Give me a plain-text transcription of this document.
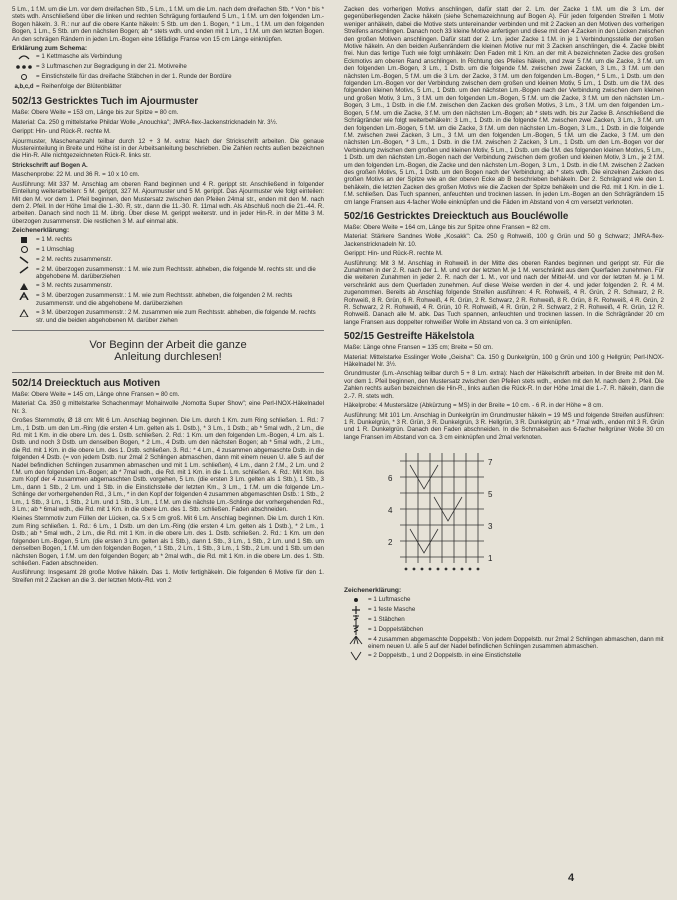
5 Lm., 1 f.M. um die Lm. vor dem dreifachen Stb., 5 Lm., 1 f.M. um die Lm. nach dem dreifachen Stb. * Von * bis * stets wdh. Anschließend über die linken und rechten Schrägung fortlaufend 5 Lm., 1 f.M. um den folgenden Lm.-Bogen häkeln. 3. R.: nur auf die obere Kante häkeln: 5 Stb. um den 1. Bogen, * 1 Lm., 1 f.M. um den folgenden Bogen, 1 Lm., 5 Stb. um den nächsten Bogen; ab * stets wdh. und enden mit 1 Lm., 1 f.M. um den letzten Bogen. An den schrägen Rändern in jeden Lm.-Bogen eine 16fädige Franse von 15 cm Länge einknüpfen.

Erklärung zum Schema:
= 1 Kettmasche als Verbindung
= 3 Luftmaschen zur Begradigung in der 21. Motivreihe
= Einstichstelle für das dreifache Stäbchen in der 1. Runde der Bordüre
a,b,c,d = Reihenfolge der Blütenblätter
502/13 Gestricktes Tuch im Ajourmuster

Maße: Obere Weite = 153 cm, Länge bis zur Spitze = 80 cm.

Material: Ca. 250 g mittelstarke Phildar Wolle „Anouchka"; JMRA-flex-Jackenstricknadeln Nr. 3½.

Gerippt: Hin- und Rück-R. rechte M.

Ajourmuster, Maschenanzahl teilbar durch 12 + 3 M. extra: Nach der Strickschrift arbeiten. Die genaue Mustereinteilung in Breite und Höhe ist in der Arbeitsanleitung beschrieben. Die Zahlen rechts außen bezeichnen die Hin-R. Alle nichtgezeichneten Rück-R. links str.

Strickschrift auf Bogen A.

Maschenprobe: 22 M. und 36 R. = 10 x 10 cm.

Ausführung: Mit 337 M. Anschlag am oberen Rand beginnen und 4 R. gerippt str. Anschließend in folgender Einteilung weiterarbeiten: 5 M. gerippt, 327 M. Ajourmuster und 5 M. gerippt. Das Ajourmuster wie folgt einteilen: Mit den M. vor dem 1. Pfeil beginnen, den Mustersatz zwischen den Pfeilen 24mal str., enden mit den M. nach dem 2. Pfeil. In der Höhe 1mal die 1.-30. R. str., dann die 11.-30. R. 11mal wdh. Als Abschluß noch die 21.-44. R. arbeiten. Danach sind noch 11 M. übrig. Über diese M. gerippt weiterstr. und in jeder Hin-R. in der Mitte 3 M. überzogen zusammenstr. Die restlichen 3 M. auf einmal abk.

Zeichenerklärung:
= 1 M. rechts
= 1 Umschlag
= 2 M. rechts zusammenstr.
= 2 M. überzogen zusammenstr.: 1 M. wie zum Rechtsstr. abheben, die folgende M. rechts str. und die abgehobene M. darüberziehen
= 3 M. rechts zusammenstr.
= 3 M. überzogen zusammenstr.: 1 M. wie zum Rechtsstr. abheben, die folgenden 2 M. rechts zusammenstr. und die abgehobene M. darüberziehen
= 3 M. überzogen zusammenstr.: 2 M. zusammen wie zum Rechtsstr. abheben, die folgende M. rechts str. und die beiden abgehobenen M. darüber ziehen
Vor Beginn der Arbeit die ganze
Anleitung durchlesen!
502/14 Dreiecktuch aus Motiven

Maße: Obere Weite = 145 cm, Länge ohne Fransen = 80 cm.

Material: Ca. 350 g mittelstarke Schachenmayr Mohairwolle „Nomotta Super Show"; eine Perl-INOX-Häkelnadel Nr. 3.

Großes Sternmotiv, Ø 18 cm: Mit 6 Lm. Anschlag beginnen. Die Lm. durch 1 Km. zum Ring schließen. 1. Rd.: 7 Lm., 1 Dstb. um den Lm.-Ring (die ersten 4 Lm. gelten als 1. Dstb.), * 3 Lm., 1 Dstb.; ab * 5mal wdh., 2 Lm., die Rd. mit 1 Km. in die obere Lm. des 1. Dstb. schließen. 2. Rd.: 1 Km. um den folgenden Lm.-Bogen, 4 Lm. als 1. Dstb. und noch 3 Dstb. um denselben Bogen, * 2 Lm., 4 Dstb. um den nächsten Bogen; ab * 5mal wdh., 2 Lm., die Rd. mit 1 Km. in die obere Lm. des 1. Dstb. schließen. 3. Rd.: * 4 Lm., 4 zusammen abgemaschte Dstb. in die folgenden 4 Dstb. (= von jedem Dstb. nur 2mal 2 Schlingen abmaschen, dann mit einem neuen U. alle 5 auf der Nadel befindlichen Schlingen zusammen abmaschen und mit 1 Lm. schließen), 4 Lm., dann 2 f.M., 2 Lm. und 2 f.M. um den folgenden Lm.-Bogen; ab * 7mal wdh., die Rd. mit 1 Km. in die 1. Lm. schließen. 4. Rd.: Mit Km. bis zum Kopf der 4 zusammen abgemaschten Dstb. vorgehen, 5 Lm. (die ersten 3 Lm. gelten als 1 Stb.), 1 Stb., 3 Lm., dann 1 Stb., 2 Lm. und 1 Stb. in die Einstichstelle der letzten Km., 3 Lm., 1 f.M. um die folgende Lm.-Schlinge der vorhergehenden Rd., 3 Lm., * in den Kopf der folgenden 4 zusammen abgemaschten Dstb.: 1 Stb., 2 Lm., 1 Stb., 3 Lm., 1 Stb., 2 Lm. und 1 Stb., 3 Lm., 1 f.M. um die nächste Lm.-Schlinge der vorhergehenden Rd., 3 Lm.; ab * 6mal wdh., die Rd. mit 1 Km. in die obere Lm. des 1. Stb. schließen. Faden abschneiden.

Kleines Sternmotiv zum Füllen der Lücken, ca. 5 x 5 cm groß. Mit 6 Lm. Anschlag beginnen. Die Lm. durch 1 Km. zum Ring schließen. 1. Rd.: 6 Lm., 1 Dstb. um den Lm.-Ring (die ersten 4 Lm. gelten als 1 Dstb.), * 2 Lm., 1 Dstb.; ab * 5mal wdh., 2 Lm., die Rd. mit 1 Km. in die obere Lm. des 1. Dstb. schließen. 2. Rd.: 1 Km. um den folgenden Lm.-Bogen, 5 Lm. (die ersten 3 Lm. gelten als 1 Stb.), dann 1 Stb., 3 Lm., 1 Stb., 2 Lm. und 1 Stb. um denselben Bogen, 1 f.M. um den folgenden Bogen, * 1 Stb., 2 Lm., 1 Stb., 3 Lm., 1 Stb., 2 Lm. und 1 Stb. um den nächsten Bogen, 1 f.M. um den folgenden Bogen; ab * 2mal wdh., die Rd. mit 1 Km. in die obere Lm. des 1. Stb. schließen. Faden abschneiden.

Ausführung: Insgesamt 28 große Motive häkeln. Das 1. Motiv fertighäkeln. Die folgenden 6 Motive für den 1. Streifen mit 2 Zacken an die 3. der letzten Motiv-Rd. von 2

Zacken des vorherigen Motivs anschlingen, dafür statt der 2. Lm. der Zacke 1 f.M. um die 3 Lm. der gegenüberliegenden Zacke häkeln (siehe Schemazeichnung auf Bogen A). Für jeden folgenden Streifen 1 Motiv weniger anhäkeln, dabei die Motive stets untereinander verbinden und mit 2 Zacken an den Motiven des vorherigen Streifens anschlingen. Danach noch 33 kleine Motive anfertigen und diese mit den 4 Zacken in den Lücken zwischen den großen Motiven anschlingen. Dafür statt der 2. Lm. jeder Zacke 1 f.M. in je 1 Verbindungsstelle der großen Motive häkeln. An den beiden Außenrändern die kleinen Motive nur mit 3 Zacken anschlingen, die 4. Zacke bleibt frei. Nun das fertige Tuch wie folgt umhäkeln: Den Faden mit 1 Km. an der mit A bezeichneten Zacke des großen Eckmotivs am oberen Rand anschlingen. In Richtung des Pfeiles häkeln, und zwar 5 f.M. um die Zacke, 3 f.M. um den folgenden Lm.-Bogen, 3 Lm., 1 Dstb. um die folgende f.M. zwischen zwei Zacken, 3 Lm., 3 f.M. um den nächsten Lm.-Bogen, 5 f.M. um die 3 Lm. der Zacke, 3 f.M. um den folgenden Lm.-Bogen, * 5 Lm., 1 Dstb. um den folgenden Lm.-Bogen vor der Verbindung zwischen dem großen und kleinen Motiv, 5 Lm., 1 Dstb. um die f.M. des folgenden kleinen Motivs, 5 Lm., 1 Dstb. um den nächsten Lm.-Bogen nach der Verbindung zwischen dem kleinen und großen Motiv, 3 Lm., 3 f.M. um den folgenden Lm.-Bogen, 5 f.M. um die Zacke, 3 f.M. um den nächsten Lm.-Bogen, 3 Lm., 1 Dstb. in die f.M. zwischen den Zacken des großen Motivs, 3 Lm., 3 f.M. um den folgenden Lm.-Bogen, 5 f.M. um die Zacke, 3 f.M. um den nächsten Lm.-Bogen; ab * stets wdh. bis zur Zacke B. Anschließend die Schrägränder wie folgt weiterbehäkeln: 3 Lm., 1 Dstb. in die folgende f.M. zwischen zwei Zacken, 3 Lm., 3 f.M. um den folgenden Lm.-Bogen, 5 f.M. um die Zacke, 3 f.M. um den nächsten Lm.-Bogen, 3 Lm., 1 Dstb. in die folgende f.M. zwischen zwei Zacken, 3 Lm., 3 f.M. um den folgenden Lm.-Bogen, 5 f.M. um die Zacke, 3 f.M. um den nächsten Lm.-Bogen, * 3 Lm., 1 Dstb. in die f.M. zwischen 2 Zacken, 3 Lm., 1 Dstb. um den Lm.-Bogen vor der Verbindung zwischen dem großen und kleinen Motiv, 5 Lm., 1 Dstb. um die f.M. des folgenden kleinen Motivs, 5 Lm., 1 Dstb. um den nächsten Lm.-Bogen nach der Verbindung zwischen dem großen und kleinen Motiv, 3 Lm., je 2 f.M. um den folgenden Lm.-Bogen, die Zacke und den nächsten Lm.-Bogen, 3 Lm., 1 Dstb. in die f.M. zwischen 2 Zacken des großen Motivs, 5 Lm., 1 Dstb. um den Bogen nach der Verbindung; ab * stets wdh. Die einzelnen Zacken des großen Motivs an der Spitze wie an der oberen Ecke ab B beschrieben behäkeln. Der 2. Schrägrand wie den 1. behäkeln, die letzten Zacken des großen Motivs wie die Zacken der Spitze behäkeln und die Rd. mit 1 Km. in die 1. f.M. schließen. Das Tuch spannen, anfeuchten und trocknen lassen. In jeden Lm.-Bogen an den Schrägrändern 15 cm lange Fransen aus 4-facher Wolle einknüpfen und die Fäden im Abstand von 4 cm versetzt verknoten.

502/16 Gestricktes Dreiecktuch aus Boucléwolle

Maße: Obere Weite = 164 cm, Länge bis zur Spitze ohne Fransen = 82 cm.

Material: Stärkere Sandnes Wolle „Kosakk": Ca. 250 g Rohweiß, 100 g Grün und 50 g Schwarz; JMRA-flex-Jackenstricknadeln Nr. 10.

Gerippt: Hin- und Rück-R. rechte M.

Ausführung: Mit 3 M. Anschlag in Rohweiß in der Mitte des oberen Randes beginnen und gerippt str. Für die Zunahmen in der 2. R. nach der 1. M. und vor der letzten M. je 1 M. verschränkt aus dem Querfaden zunehmen. Für die weiteren Zunahmen in jeder 2. R. nach der 1. M., vor und nach der Mittel-M. und vor der letzten M. je 1 M. verschränkt aus dem Querfaden zunehmen. Auf diese Weise werden in der 4. und jeder folgenden 2. R. 4 M. zugenommen. Bereits ab Anschlag folgende Streifen ausführen: 4 R. Rohweiß, 4 R. Grün, 2 R. Schwarz, 2 R. Rohweiß, 8 R. Grün, 6 R. Rohweiß, 4 R. Grün, 2 R. Schwarz, 2 R. Rohweiß, 8 R. Grün, 8 R. Rohweiß, 4 R. Grün, 2 R. Schwarz, 2 R. Rohweiß, 4 R. Grün, 10 R. Rohweiß, 4 R. Grün, 2 R. Schwarz, 2 R. Rohweiß, 4 R. Grün, 12 R. Rohweiß. Danach alle M. abk. Das Tuch spannen, anfeuchten und trocknen lassen. In die Schrägränder 20 cm lange Fransen aus doppelter rohweißer Wolle im Abstand von ca. 3 cm einknüpfen.

502/15 Gestreifte Häkelstola

Maße: Länge ohne Fransen = 135 cm; Breite = 50 cm.

Material: Mittelstarke Esslinger Wolle „Geisha": Ca. 150 g Dunkelgrün, 100 g Grün und 100 g Hellgrün; Perl-INOX-Häkelnadel Nr. 3½.

Grundmuster (Lm.-Anschlag teilbar durch 5 + 8 Lm. extra): Nach der Häkelschrift arbeiten. In der Breite mit den M. vor dem 1. Pfeil beginnen, den Mustersatz zwischen den Pfeilen stets wdh., enden mit den M. nach dem 2. Pfeil. Die Zahlen rechts außen bezeichnen die Hin-R., links außen die Rück-R. In der Höhe 1mal die 1.-7. R. häkeln, dann die 2.-7. R. stets wdh.

Häkelprobe: 4 Mustersätze (Abkürzung = MS) in der Breite = 10 cm. - 6 R. in der Höhe = 8 cm.

Ausführung: Mit 101 Lm. Anschlag in Dunkelgrün im Grundmuster häkeln = 19 MS und folgende Streifen ausführen: 1 R. Dunkelgrün, * 3 R. Grün, 3 R. Dunkelgrün, 3 R. Hellgrün, 3 R. Dunkelgrün; ab * 7mal wdh., enden mit 3 R. Grün und 1 R. Dunkelgrün. Danach den Faden abschneiden. In die Schmalseiten aus 6-facher hellgrüner Wolle 30 cm lange Fransen im Abstand von ca. 3 cm einknüpfen und 2mal verknoten.

7
6
5
4
3
2
1
Zeichenerklärung:
= 1 Luftmasche
= 1 feste Masche
= 1 Stäbchen
= 1 Doppelstäbchen
= 4 zusammen abgemaschte Doppelstb.: Von jedem Doppelstb. nur 2mal 2 Schlingen abmaschen, dann mit einem neuen U. alle 5 auf der Nadel befindlichen Schlingen zusammen abmaschen.
= 2 Doppelstb., 1 und 2 Doppelstb. in eine Einstichstelle
4
